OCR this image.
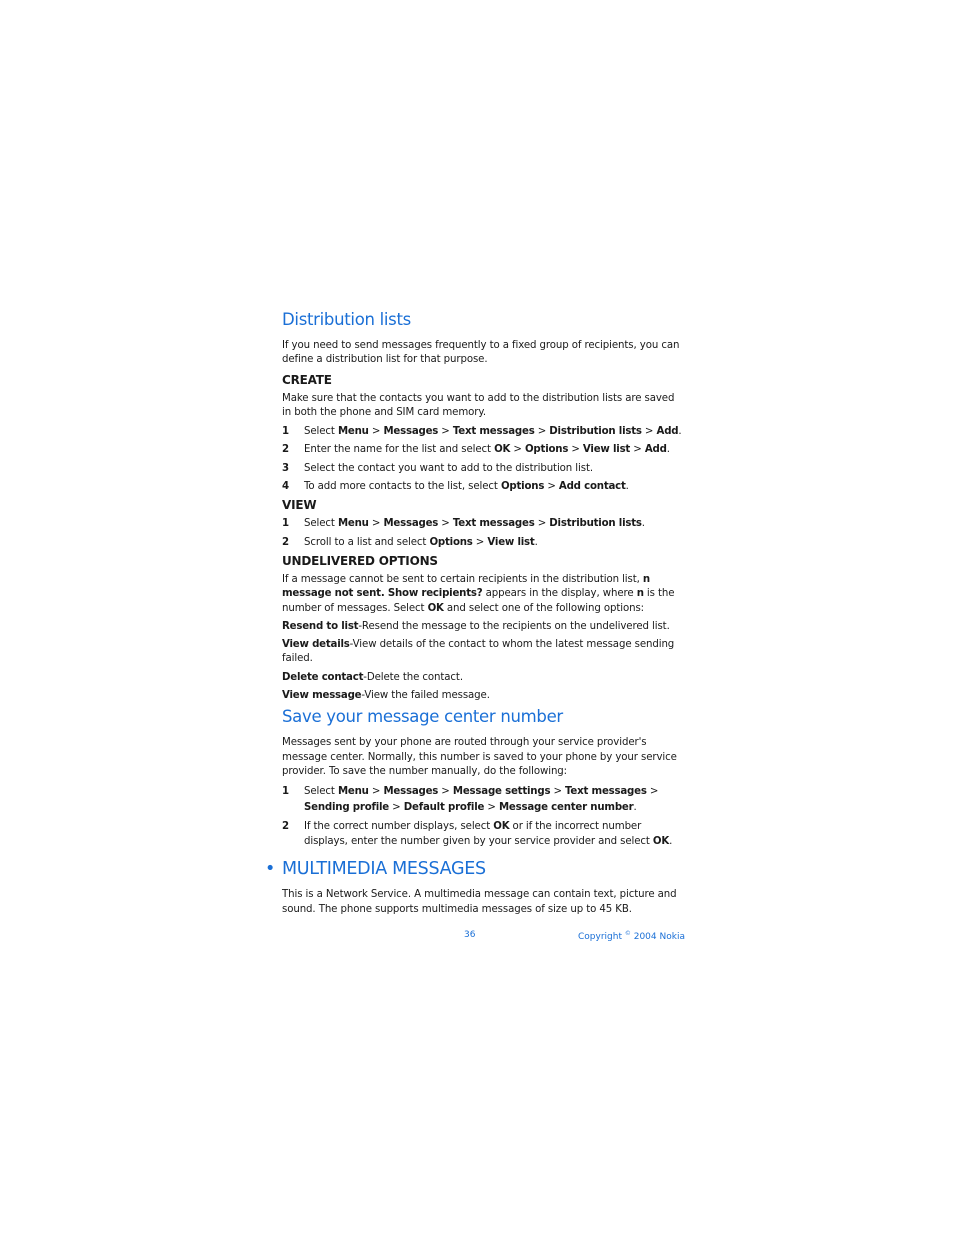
Distribution lists

If you need to send messages frequently to a fixed group of recipients, you can define a distribution list for that purpose.

CREATE

Make sure that the contacts you want to add to the distribution lists are saved in both the phone and SIM card memory.

1 Select Menu > Messages > Text messages > Distribution lists > Add.
2 Enter the name for the list and select OK > Options > View list > Add.
3 Select the contact you want to add to the distribution list.
4 To add more contacts to the list, select Options > Add contact.
VIEW
1 Select Menu > Messages > Text messages > Distribution lists.
2 Scroll to a list and select Options > View list.
UNDELIVERED OPTIONS

If a message cannot be sent to certain recipients in the distribution list, n message not sent. Show recipients? appears in the display, where n is the number of messages. Select OK and select one of the following options:

Resend to list-Resend the message to the recipients on the undelivered list.

View details-View details of the contact to whom the latest message sending failed.

Delete contact-Delete the contact.

View message-View the failed message.

Save your message center number

Messages sent by your phone are routed through your service provider's message center. Normally, this number is saved to your phone by your service provider. To save the number manually, do the following:

1 Select Menu > Messages > Message settings > Text messages > Sending profile > Default profile > Message center number.
2 If the correct number displays, select OK or if the incorrect number displays, enter the number given by your service provider and select OK.
• MULTIMEDIA MESSAGES

This is a Network Service. A multimedia message can contain text, picture and sound. The phone supports multimedia messages of size up to 45 KB.

36	Copyright © 2004 Nokia
